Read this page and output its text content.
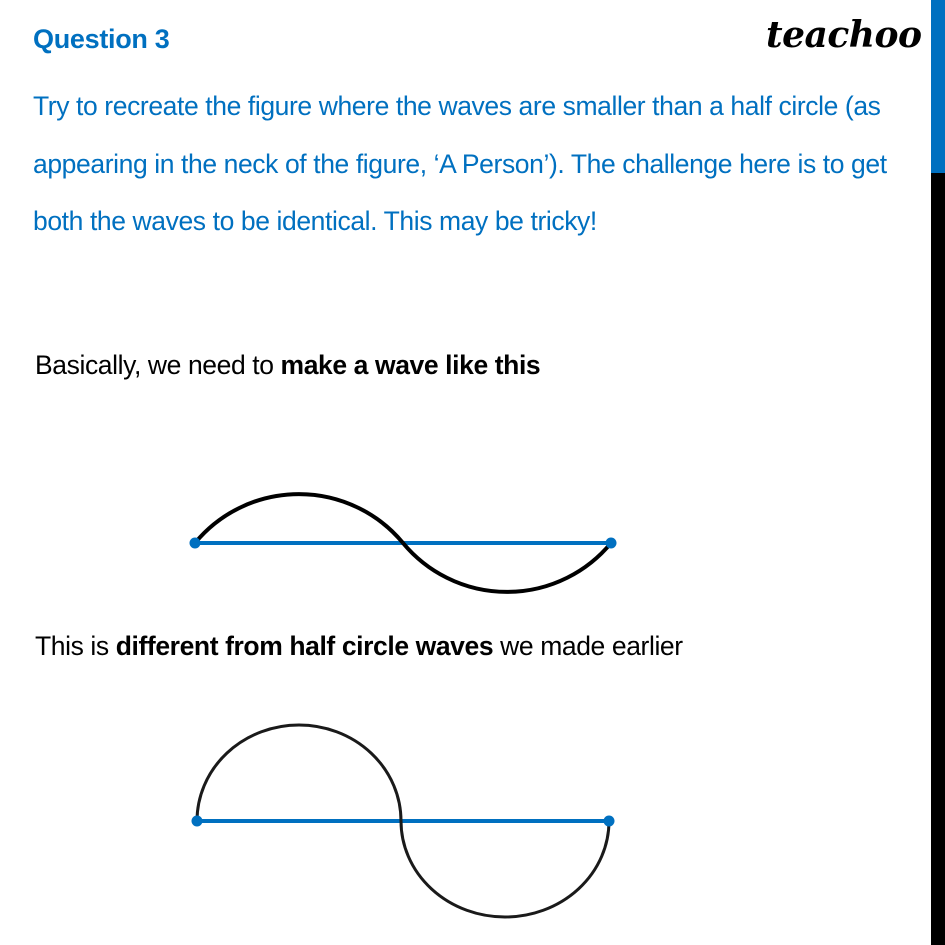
Question 3	teachoo
Try to recreate the figure where the waves are smaller than a half circle (as appearing in the neck of the figure, ‘A Person’). The challenge here is to get both the waves to be identical. This may be tricky!
Basically, we need to make a wave like this
This is different from half circle waves we made earlier
